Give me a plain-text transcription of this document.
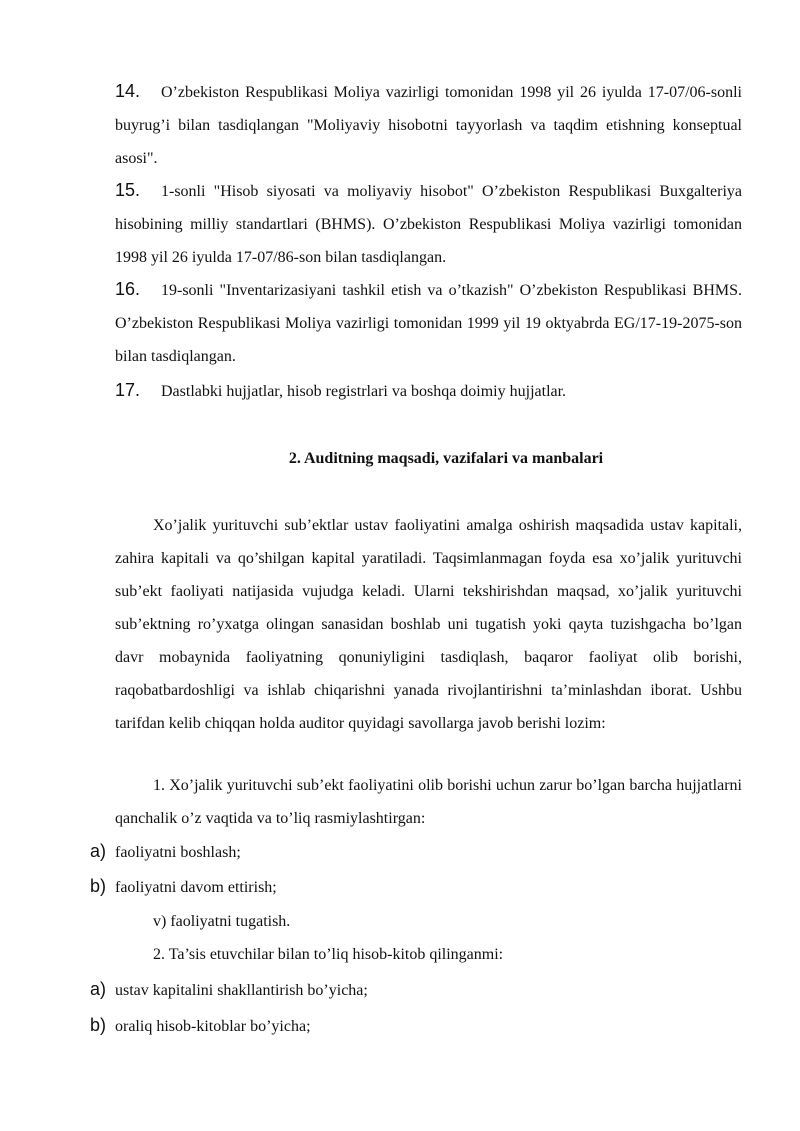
14. O’zbekiston Respublikasi Moliya vazirligi tomonidan 1998 yil 26 iyulda 17-07/06-sonli buyrug’i bilan tasdiqlangan "Moliyaviy hisobotni tayyorlash va taqdim etishning konseptual asosi".
15. 1-sonli "Hisob siyosati va moliyaviy hisobot" O’zbekiston Respublikasi Buxgalteriya hisobining milliy standartlari (BHMS). O’zbekiston Respublikasi Moliya vazirligi tomonidan 1998 yil 26 iyulda 17-07/86-son bilan tasdiqlangan.
16. 19-sonli "Inventarizasiyani tashkil etish va o’tkazish" O’zbekiston Respublikasi BHMS. O’zbekiston Respublikasi Moliya vazirligi tomonidan 1999 yil 19 oktyabrda EG/17-19-2075-son bilan tasdiqlangan.
17. Dastlabki hujjatlar, hisob registrlari va boshqa doimiy hujjatlar.
2. Auditning maqsadi, vazifalari va manbalari
Xo’jalik yurituvchi sub’ektlar ustav faoliyatini amalga oshirish maqsadida ustav kapitali, zahira kapitali va qo’shilgan kapital yaratiladi. Taqsimlanmagan foyda esa xo’jalik yurituvchi sub’ekt faoliyati natijasida vujudga keladi. Ularni tekshirishdan maqsad, xo’jalik yurituvchi sub’ektning ro’yxatga olingan sanasidan boshlab uni tugatish yoki qayta tuzishgacha bo’lgan davr mobaynida faoliyatning qonuniyligini tasdiqlash, baqaror faoliyat olib borishi, raqobatbardoshligi va ishlab chiqarishni yanada rivojlantirishni ta’minlashdan iborat. Ushbu tarifdan kelib chiqqan holda auditor quyidagi savollarga javob berishi lozim:
1. Xo’jalik yurituvchi sub’ekt faoliyatini olib borishi uchun zarur bo’lgan barcha hujjatlarni qanchalik o’z vaqtida va to’liq rasmiylashtirgan:
a) faoliyatni boshlash;
b) faoliyatni davom ettirish;
v) faoliyatni tugatish.
2. Ta’sis etuvchilar bilan to’liq hisob-kitob qilinganmi:
a) ustav kapitalini shakllantirish bo’yicha;
b) oraliq hisob-kitoblar bo’yicha;
